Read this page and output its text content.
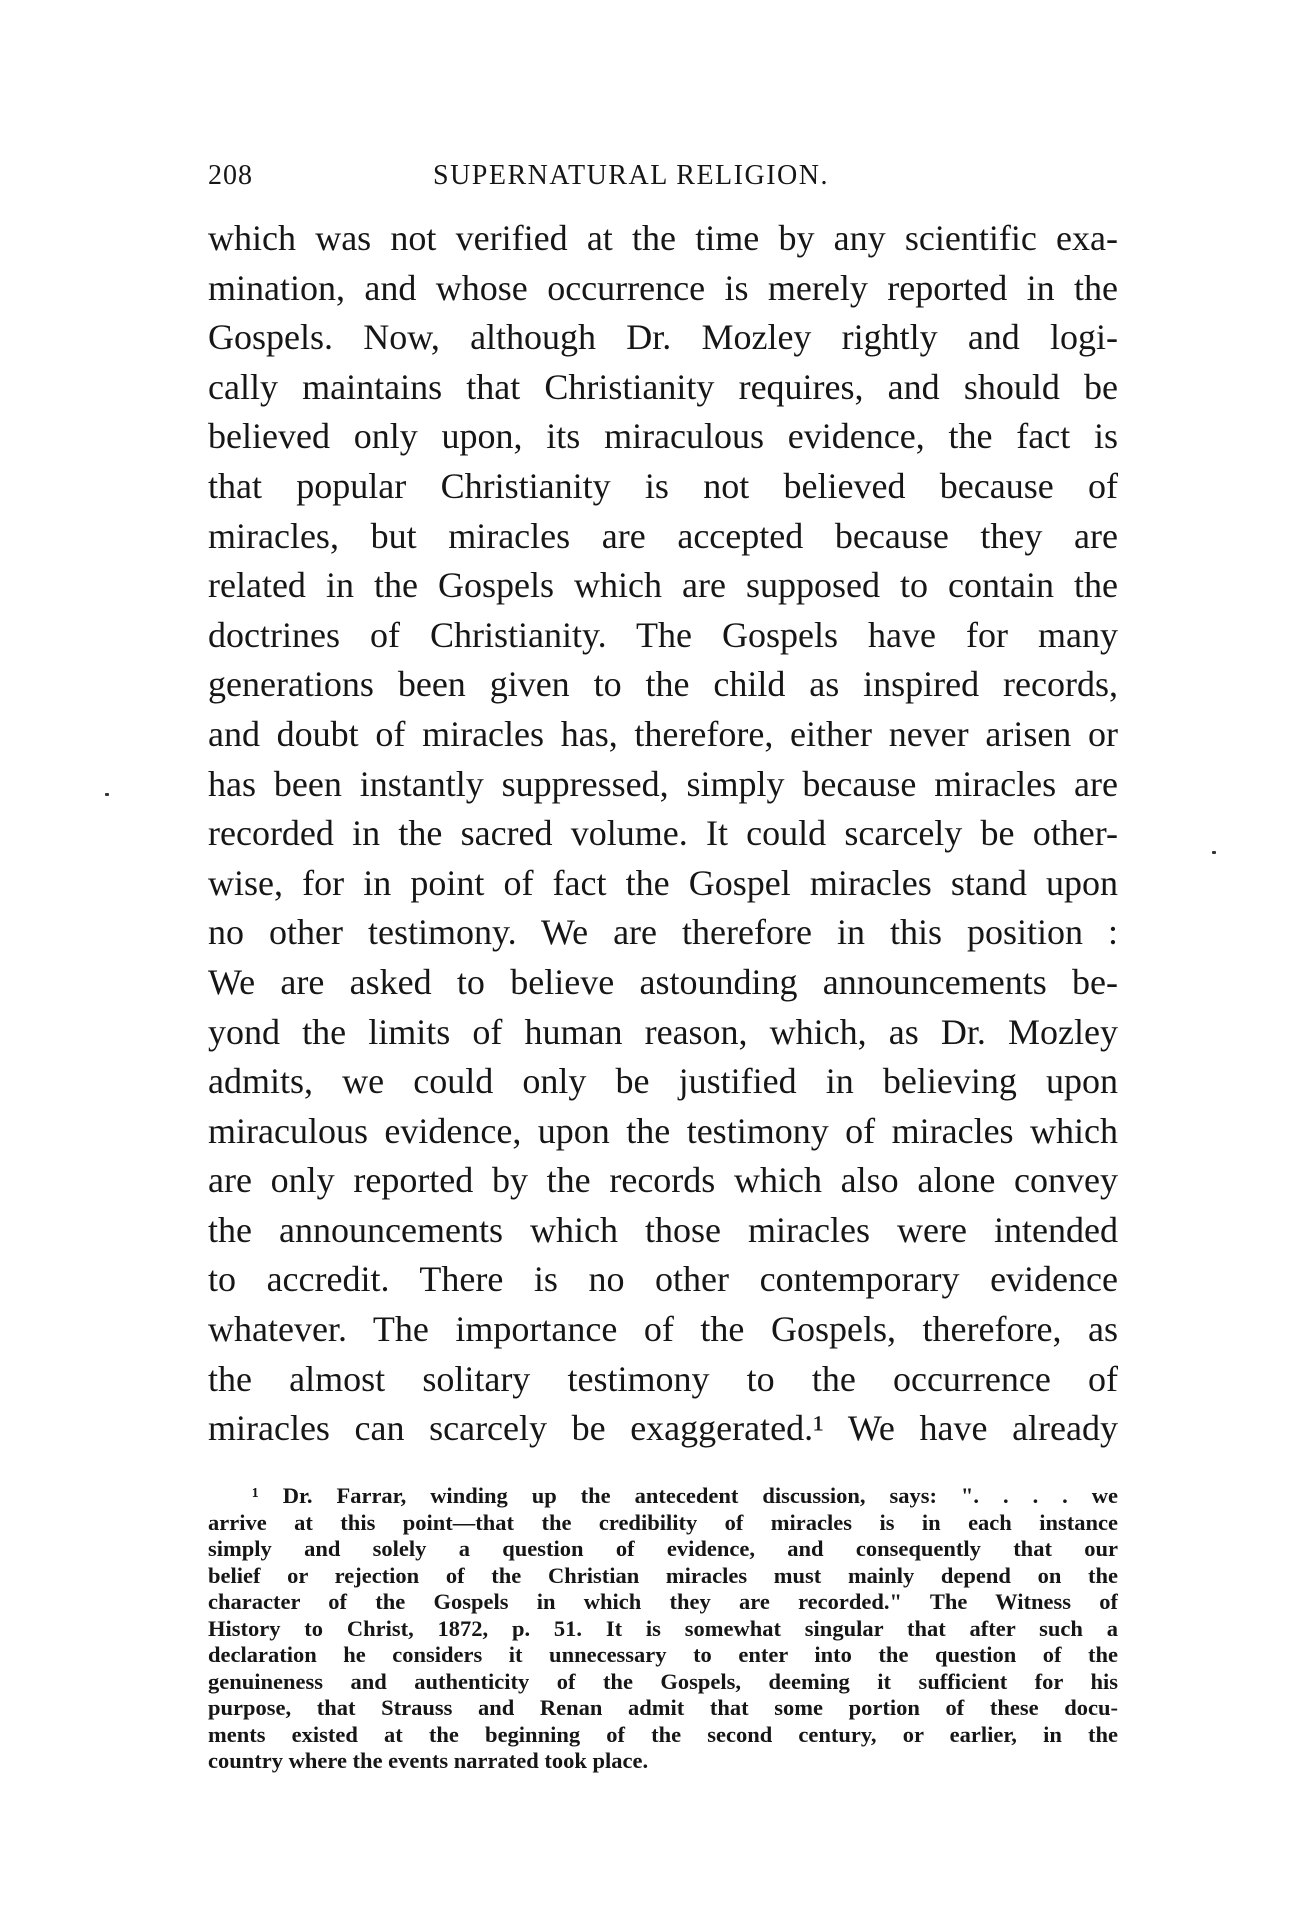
208	SUPERNATURAL RELIGION.
which was not verified at the time by any scientific exa-
mination, and whose occurrence is merely reported in the
Gospels. Now, although Dr. Mozley rightly and logi-
cally maintains that Christianity requires, and should be
believed only upon, its miraculous evidence, the fact is
that popular Christianity is not believed because of
miracles, but miracles are accepted because they are
related in the Gospels which are supposed to contain the
doctrines of Christianity. The Gospels have for many
generations been given to the child as inspired records,
and doubt of miracles has, therefore, either never arisen or
has been instantly suppressed, simply because miracles are
recorded in the sacred volume. It could scarcely be other-
wise, for in point of fact the Gospel miracles stand upon
no other testimony. We are therefore in this position :
We are asked to believe astounding announcements be-
yond the limits of human reason, which, as Dr. Mozley
admits, we could only be justified in believing upon
miraculous evidence, upon the testimony of miracles which
are only reported by the records which also alone convey
the announcements which those miracles were intended
to accredit. There is no other contemporary evidence
whatever. The importance of the Gospels, therefore, as
the almost solitary testimony to the occurrence of
miracles can scarcely be exaggerated.¹ We have already
¹ Dr. Farrar, winding up the antecedent discussion, says: ". . . . we
arrive at this point—that the credibility of miracles is in each instance
simply and solely a question of evidence, and consequently that our
belief or rejection of the Christian miracles must mainly depend on the
character of the Gospels in which they are recorded." The Witness of
History to Christ, 1872, p. 51. It is somewhat singular that after such a
declaration he considers it unnecessary to enter into the question of the
genuineness and authenticity of the Gospels, deeming it sufficient for his
purpose, that Strauss and Renan admit that some portion of these docu-
ments existed at the beginning of the second century, or earlier, in the
country where the events narrated took place.
